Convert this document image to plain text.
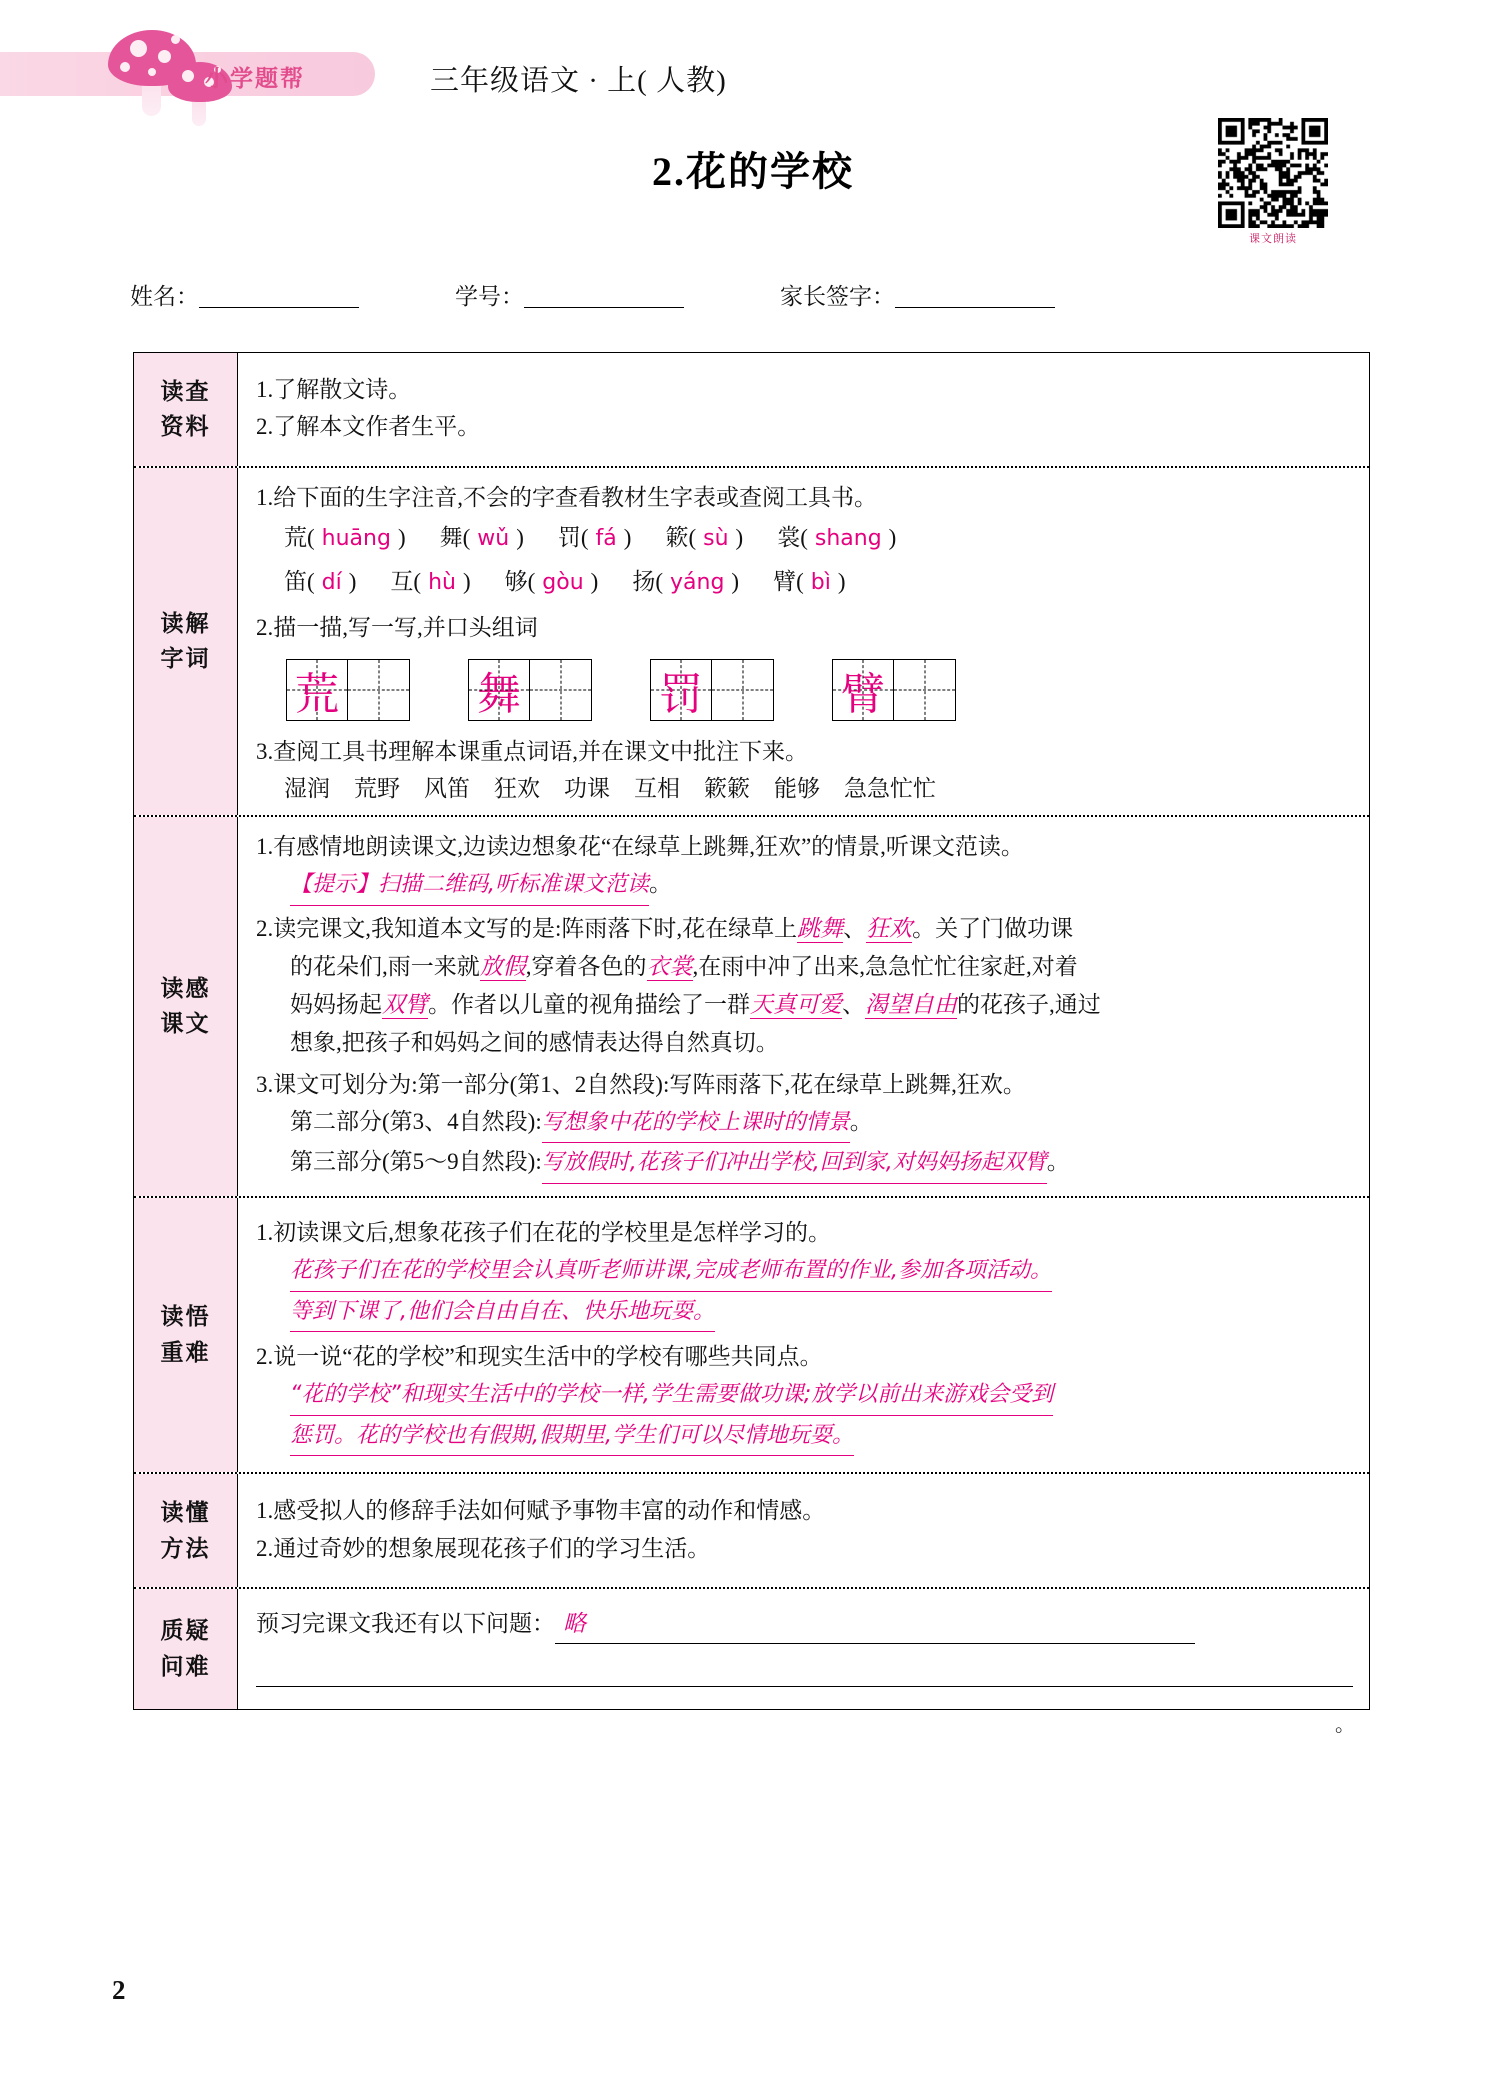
小学题帮	三年级语文 · 上( 人教)
课文朗读
2.花的学校
姓名：	学号：	家长签字：
读查
资料
1.了解散文诗。
2.了解本文作者生平。
读解
字词
1.给下面的生字注音,不会的字查看教材生字表或查阅工具书。
荒( huāng ) 舞( wǔ ) 罚( fá ) 簌( sù ) 裳( shang )
笛( dí ) 互( hù ) 够( gòu ) 扬( yáng ) 臂( bì )
2.描一描,写一写,并口头组词
荒	舞	罚	臂
3.查阅工具书理解本课重点词语,并在课文中批注下来。
湿润 荒野 风笛 狂欢 功课 互相 簌簌 能够 急急忙忙
读感
课文
1.有感情地朗读课文,边读边想象花“在绿草上跳舞,狂欢”的情景,听课文范读。
【提示】扫描二维码,听标准课文范读。
2.读完课文,我知道本文写的是:阵雨落下时,花在绿草上跳舞、狂欢。关了门做功课
的花朵们,雨一来就放假,穿着各色的衣裳,在雨中冲了出来,急急忙忙往家赶,对着
妈妈扬起双臂。作者以儿童的视角描绘了一群天真可爱、渴望自由的花孩子,通过
想象,把孩子和妈妈之间的感情表达得自然真切。
3.课文可划分为:第一部分(第1、2自然段):写阵雨落下,花在绿草上跳舞,狂欢。
第二部分(第3、4自然段):写想象中花的学校上课时的情景。
第三部分(第5～9自然段):写放假时,花孩子们冲出学校,回到家,对妈妈扬起双臂。
读悟
重难
1.初读课文后,想象花孩子们在花的学校里是怎样学习的。
花孩子们在花的学校里会认真听老师讲课,完成老师布置的作业,参加各项活动。
等到下课了,他们会自由自在、快乐地玩耍。
2.说一说“花的学校”和现实生活中的学校有哪些共同点。
“花的学校”和现实生活中的学校一样,学生需要做功课;放学以前出来游戏会受到
惩罚。花的学校也有假期,假期里,学生们可以尽情地玩耍。
读懂
方法
1.感受拟人的修辞手法如何赋予事物丰富的动作和情感。
2.通过奇妙的想象展现花孩子们的学习生活。
质疑
问难
预习完课文我还有以下问题： 略
。
2
